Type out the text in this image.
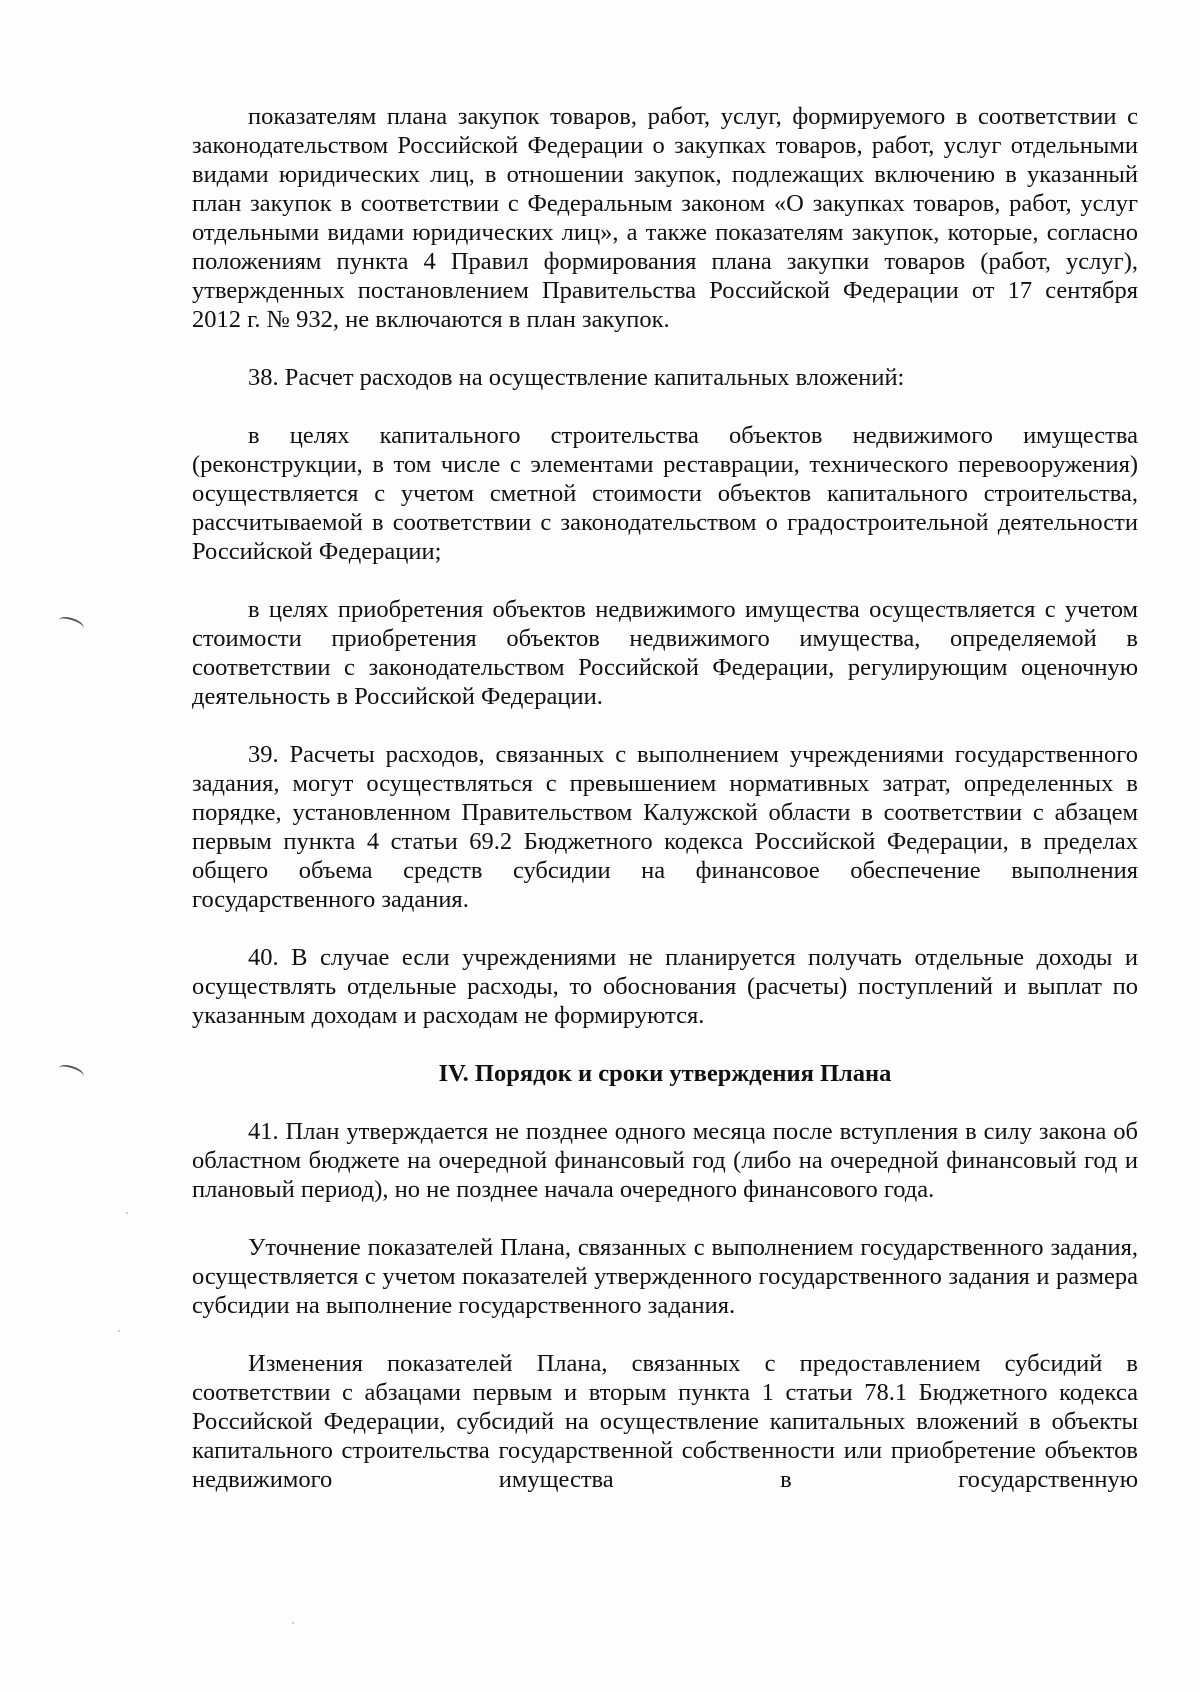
показателям плана закупок товаров, работ, услуг, формируемого в соответствии с законодательством Российской Федерации о закупках товаров, работ, услуг отдельными видами юридических лиц, в отношении закупок, подлежащих включению в указанный план закупок в соответствии с Федеральным законом «О закупках товаров, работ, услуг отдельными видами юридических лиц», а также показателям закупок, которые, согласно положениям пункта 4 Правил формирования плана закупки товаров (работ, услуг), утвержденных постановлением Правительства Российской Федерации от 17 сентября 2012 г. № 932, не включаются в план закупок.

38. Расчет расходов на осуществление капитальных вложений:

в целях капитального строительства объектов недвижимого имущества (реконструкции, в том числе с элементами реставрации, технического перевооружения) осуществляется с учетом сметной стоимости объектов капитального строительства, рассчитываемой в соответствии с законодательством о градостроительной деятельности Российской Федерации;

в целях приобретения объектов недвижимого имущества осуществляется с учетом стоимости приобретения объектов недвижимого имущества, определяемой в соответствии с законодательством Российской Федерации, регулирующим оценочную деятельность в Российской Федерации.

39. Расчеты расходов, связанных с выполнением учреждениями государственного задания, могут осуществляться с превышением нормативных затрат, определенных в порядке, установленном Правительством Калужской области в соответствии с абзацем первым пункта 4 статьи 69.2 Бюджетного кодекса Российской Федерации, в пределах общего объема средств субсидии на финансовое обеспечение выполнения государственного задания.

40. В случае если учреждениями не планируется получать отдельные доходы и осуществлять отдельные расходы, то обоснования (расчеты) поступлений и выплат по указанным доходам и расходам не формируются.

IV. Порядок и сроки утверждения Плана

41. План утверждается не позднее одного месяца после вступления в силу закона об областном бюджете на очередной финансовый год (либо на очередной финансовый год и плановый период), но не позднее начала очередного финансового года.

Уточнение показателей Плана, связанных с выполнением государственного задания, осуществляется с учетом показателей утвержденного государственного задания и размера субсидии на выполнение государственного задания.

Изменения показателей Плана, связанных с предоставлением субсидий в соответствии с абзацами первым и вторым пункта 1 статьи 78.1 Бюджетного кодекса Российской Федерации, субсидий на осуществление капитальных вложений в объекты капитального строительства государственной собственности или приобретение объектов недвижимого имущества в государственную
